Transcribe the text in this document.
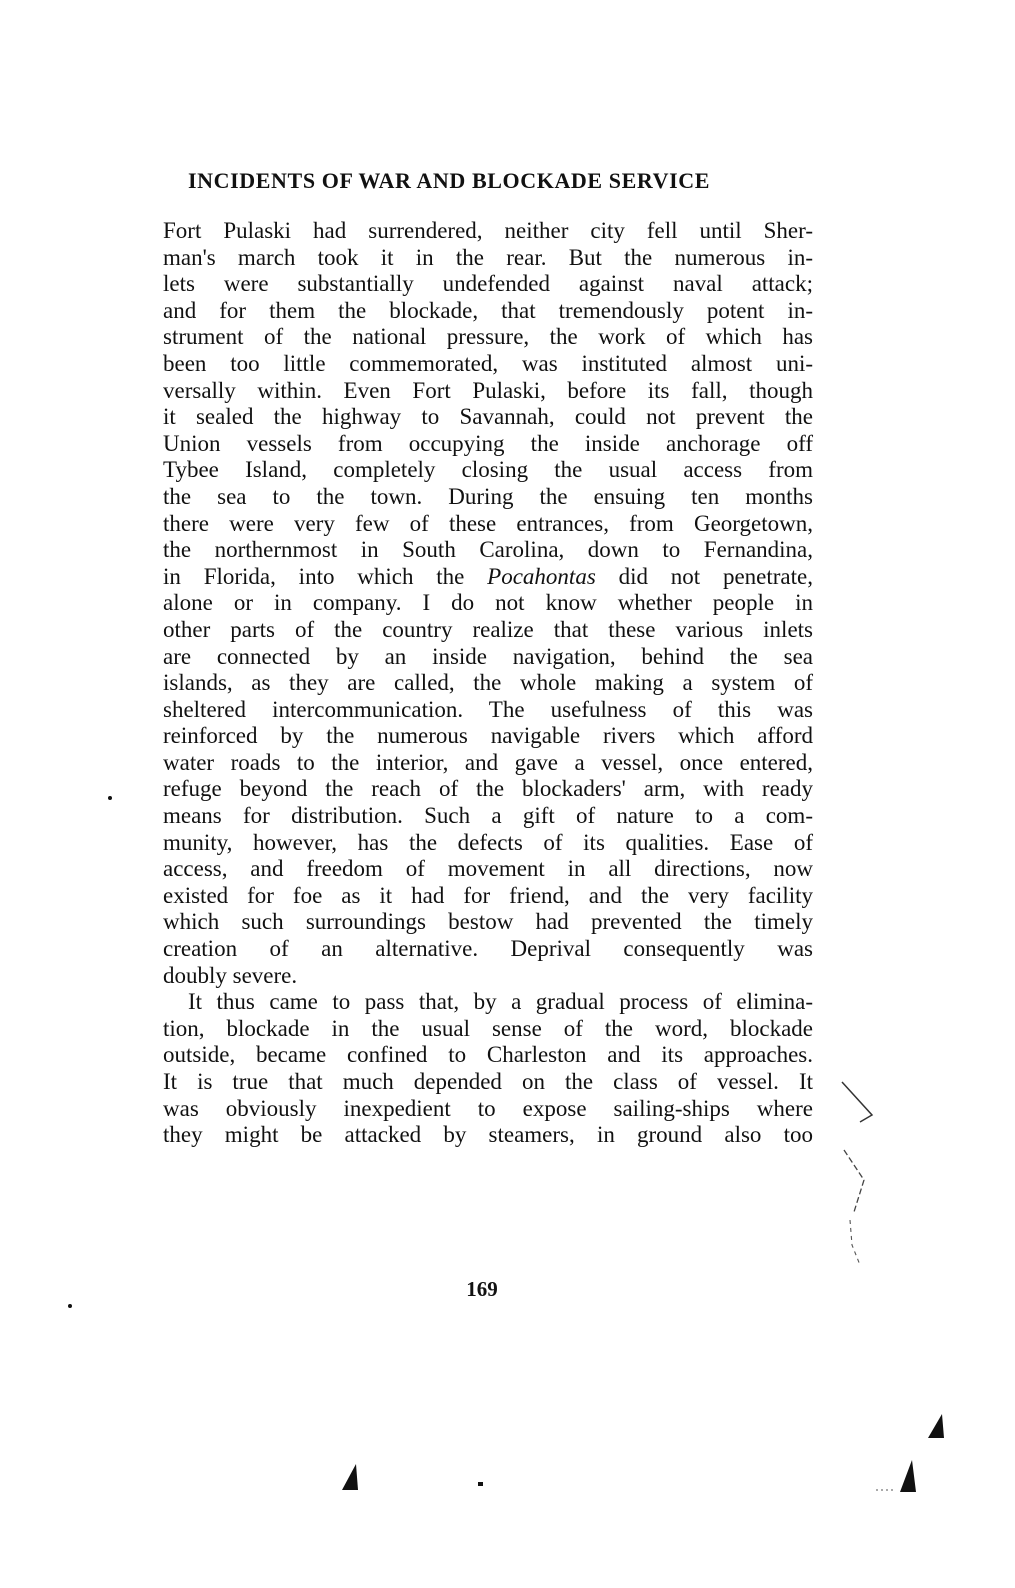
INCIDENTS OF WAR AND BLOCKADE SERVICE
Fort Pulaski had surrendered, neither city fell until Sher-
man's march took it in the rear. But the numerous in-
lets were substantially undefended against naval attack;
and for them the blockade, that tremendously potent in-
strument of the national pressure, the work of which has
been too little commemorated, was instituted almost uni-
versally within. Even Fort Pulaski, before its fall, though
it sealed the highway to Savannah, could not prevent the
Union vessels from occupying the inside anchorage off
Tybee Island, completely closing the usual access from
the sea to the town. During the ensuing ten months
there were very few of these entrances, from Georgetown,
the northernmost in South Carolina, down to Fernandina,
in Florida, into which the Pocahontas did not penetrate,
alone or in company. I do not know whether people in
other parts of the country realize that these various inlets
are connected by an inside navigation, behind the sea
islands, as they are called, the whole making a system of
sheltered intercommunication. The usefulness of this was
reinforced by the numerous navigable rivers which afford
water roads to the interior, and gave a vessel, once entered,
refuge beyond the reach of the blockaders' arm, with ready
means for distribution. Such a gift of nature to a com-
munity, however, has the defects of its qualities. Ease of
access, and freedom of movement in all directions, now
existed for foe as it had for friend, and the very facility
which such surroundings bestow had prevented the timely
creation of an alternative. Deprival consequently was
doubly severe.
It thus came to pass that, by a gradual process of elimina-
tion, blockade in the usual sense of the word, blockade
outside, became confined to Charleston and its approaches.
It is true that much depended on the class of vessel. It
was obviously inexpedient to expose sailing-ships where
they might be attacked by steamers, in ground also too
169
